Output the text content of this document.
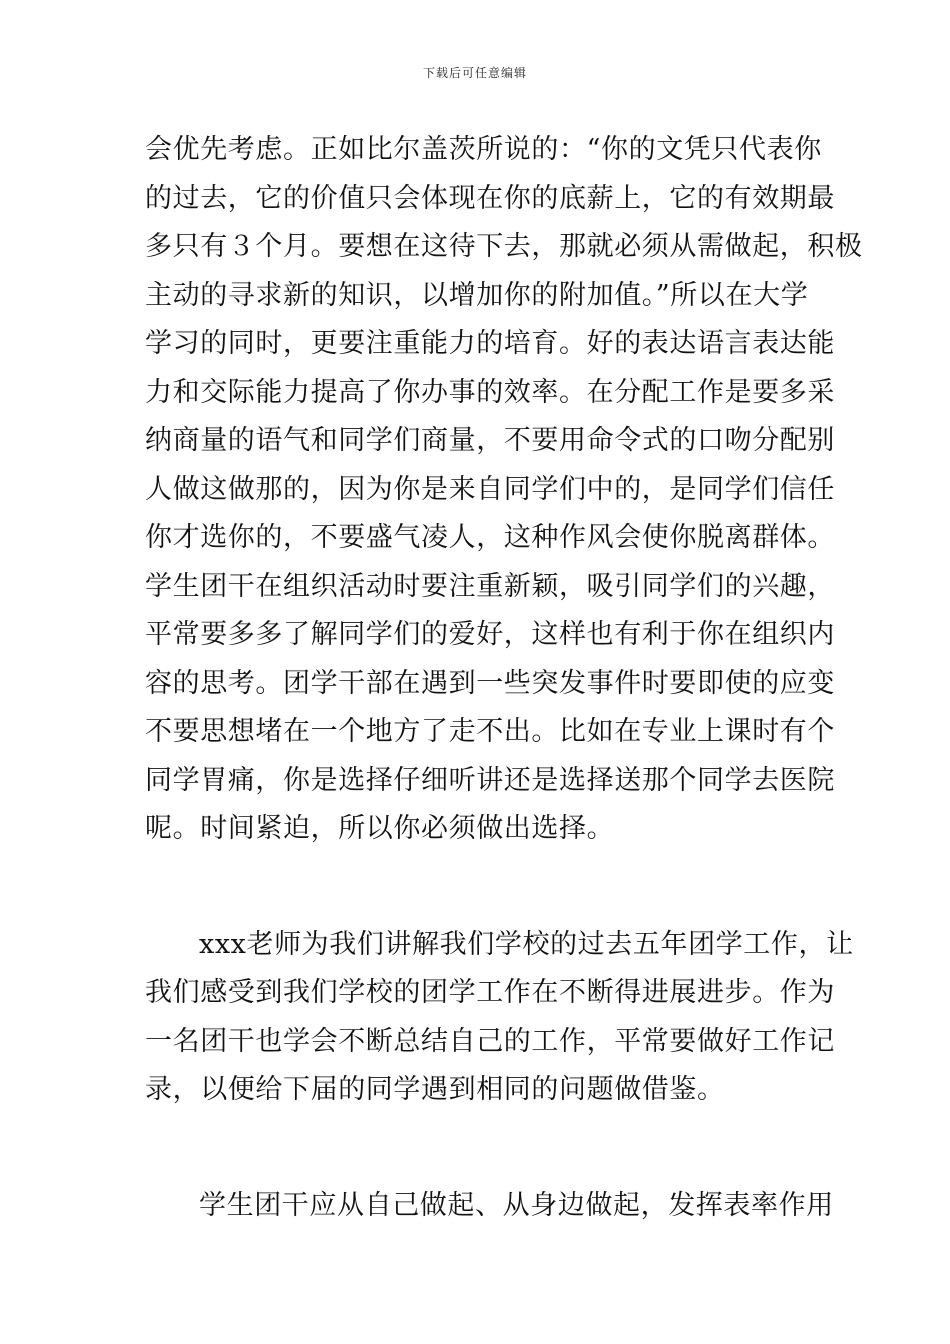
下载后可任意编辑
会优先考虑。正如比尔盖茨所说的：“你的文凭只代表你
的过去，它的价值只会体现在你的底薪上，它的有效期最
多只有３个月。要想在这待下去，那就必须从需做起，积极
主动的寻求新的知识，以增加你的附加值。”所以在大学
学习的同时，更要注重能力的培育。好的表达语言表达能
力和交际能力提高了你办事的效率。在分配工作是要多采
纳商量的语气和同学们商量，不要用命令式的口吻分配别
人做这做那的，因为你是来自同学们中的，是同学们信任
你才选你的，不要盛气凌人，这种作风会使你脱离群体。
学生团干在组织活动时要注重新颖，吸引同学们的兴趣，
平常要多多了解同学们的爱好，这样也有利于你在组织内
容的思考。团学干部在遇到一些突发事件时要即使的应变
不要思想堵在一个地方了走不出。比如在专业上课时有个
同学胃痛，你是选择仔细听讲还是选择送那个同学去医院
呢。时间紧迫，所以你必须做出选择。
xxx老师为我们讲解我们学校的过去五年团学工作，让
我们感受到我们学校的团学工作在不断得进展进步。作为
一名团干也学会不断总结自己的工作，平常要做好工作记
录，以便给下届的同学遇到相同的问题做借鉴。
学生团干应从自己做起、从身边做起，发挥表率作用
